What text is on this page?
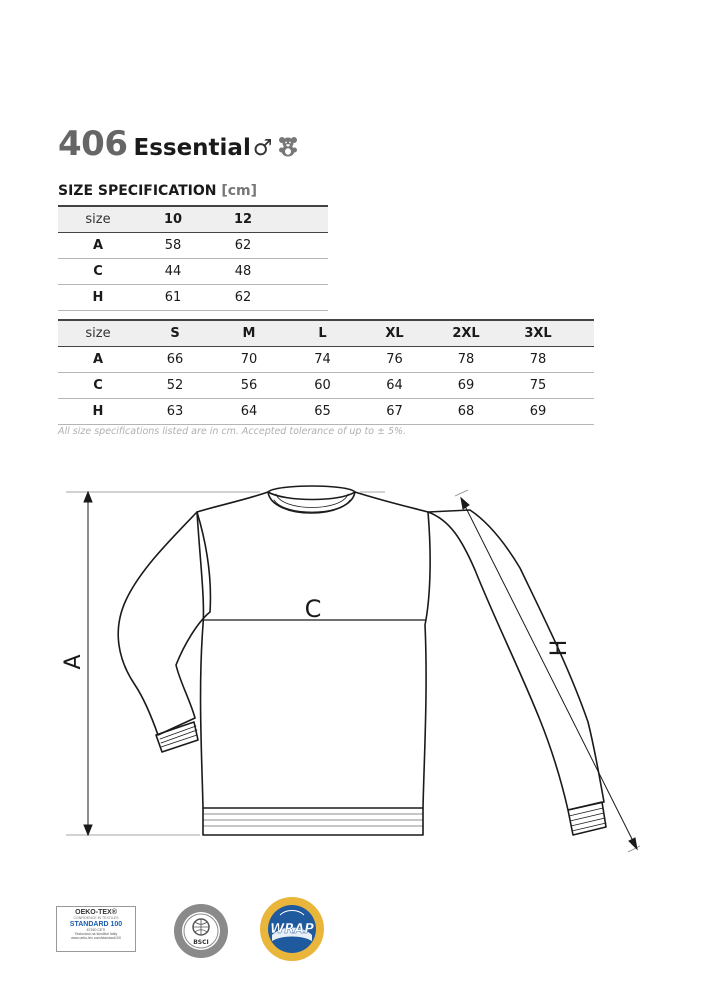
406 Essential ♂
SIZE SPECIFICATION [cm]
size	10	12	
A	58	62	
C	44	48	
H	61	62	
size	S	M	L	XL	2XL	3XL	
A	66	70	74	76	78	78	
C	52	56	60	64	69	75	
H	63	64	65	67	68	69	
All size specifications listed are in cm. Accepted tolerance of up to ± 5%.
A
C
H
OEKO-TEX®
CONFIDENCE IN TEXTILES
STANDARD 100
67150 CETI
Testováno na škodlivé látky
www.oeko-tex.com/standard100
BSCI
WRAP
